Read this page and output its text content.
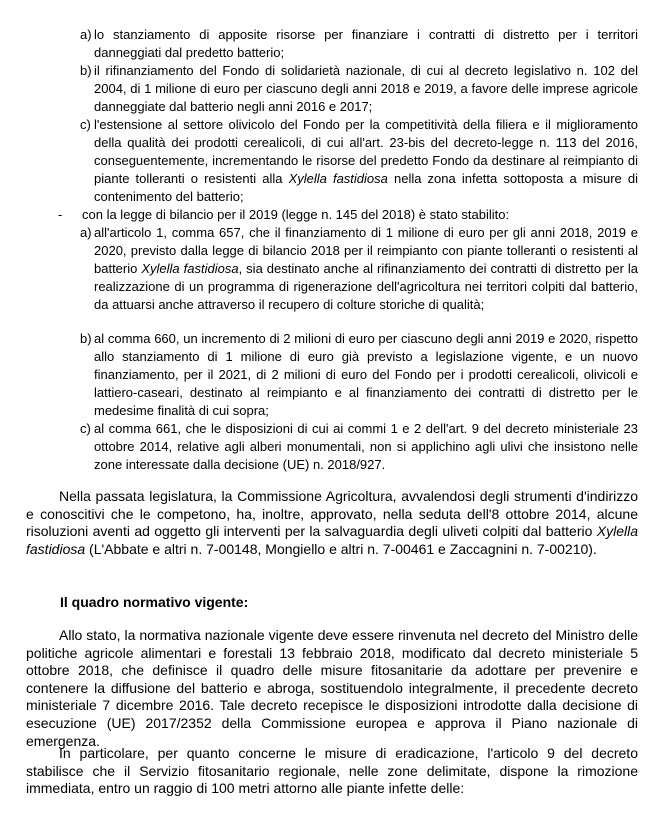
a) lo stanziamento di apposite risorse per finanziare i contratti di distretto per i territori danneggiati dal predetto batterio;
b) il rifinanziamento del Fondo di solidarietà nazionale, di cui al decreto legislativo n. 102 del 2004, di 1 milione di euro per ciascuno degli anni 2018 e 2019, a favore delle imprese agricole danneggiate dal batterio negli anni 2016 e 2017;
c) l'estensione al settore olivicolo del Fondo per la competitività della filiera e il miglioramento della qualità dei prodotti cerealicoli, di cui all'art. 23-bis del decreto-legge n. 113 del 2016, conseguentemente, incrementando le risorse del predetto Fondo da destinare al reimpianto di piante tolleranti o resistenti alla Xylella fastidiosa nella zona infetta sottoposta a misure di contenimento del batterio;
- con la legge di bilancio per il 2019 (legge n. 145 del 2018) è stato stabilito:
a) all'articolo 1, comma 657, che il finanziamento di 1 milione di euro per gli anni 2018, 2019 e 2020, previsto dalla legge di bilancio 2018 per il reimpianto con piante tolleranti o resistenti al batterio Xylella fastidiosa, sia destinato anche al rifinanziamento dei contratti di distretto per la realizzazione di un programma di rigenerazione dell'agricoltura nei territori colpiti dal batterio, da attuarsi anche attraverso il recupero di colture storiche di qualità;
b) al comma 660, un incremento di 2 milioni di euro per ciascuno degli anni 2019 e 2020, rispetto allo stanziamento di 1 milione di euro già previsto a legislazione vigente, e un nuovo finanziamento, per il 2021, di 2 milioni di euro del Fondo per i prodotti cerealicoli, olivicoli e lattiero-caseari, destinato al reimpianto e al finanziamento dei contratti di distretto per le medesime finalità di cui sopra;
c) al comma 661, che le disposizioni di cui ai commi 1 e 2 dell'art. 9 del decreto ministeriale 23 ottobre 2014, relative agli alberi monumentali, non si applichino agli ulivi che insistono nelle zone interessate dalla decisione (UE) n. 2018/927.
Nella passata legislatura, la Commissione Agricoltura, avvalendosi degli strumenti d'indirizzo e conoscitivi che le competono, ha, inoltre, approvato, nella seduta dell'8 ottobre 2014, alcune risoluzioni aventi ad oggetto gli interventi per la salvaguardia degli uliveti colpiti dal batterio Xylella fastidiosa (L'Abbate e altri n. 7-00148, Mongiello e altri n. 7-00461 e Zaccagnini n. 7-00210).
Il quadro normativo vigente:
Allo stato, la normativa nazionale vigente deve essere rinvenuta nel decreto del Ministro delle politiche agricole alimentari e forestali 13 febbraio 2018, modificato dal decreto ministeriale 5 ottobre 2018, che definisce il quadro delle misure fitosanitarie da adottare per prevenire e contenere la diffusione del batterio e abroga, sostituendolo integralmente, il precedente decreto ministeriale 7 dicembre 2016. Tale decreto recepisce le disposizioni introdotte dalla decisione di esecuzione (UE) 2017/2352 della Commissione europea e approva il Piano nazionale di emergenza.
In particolare, per quanto concerne le misure di eradicazione, l'articolo 9 del decreto stabilisce che il Servizio fitosanitario regionale, nelle zone delimitate, dispone la rimozione immediata, entro un raggio di 100 metri attorno alle piante infette delle:
